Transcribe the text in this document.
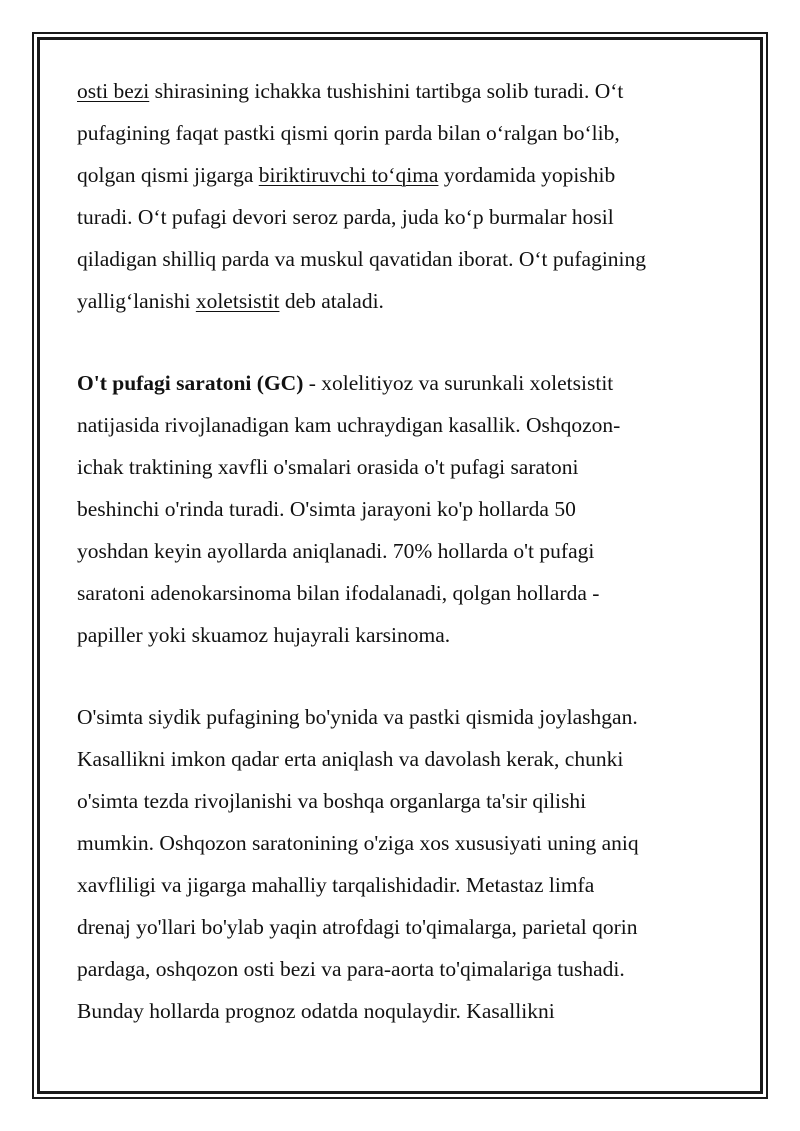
osti bezi shirasining ichakka tushishini tartibga solib turadi. O‘t
pufagining faqat pastki qismi qorin parda bilan o‘ralgan bo‘lib,
qolgan qismi jigarga biriktiruvchi to‘qima yordamida yopishib
turadi. O‘t pufagi devori seroz parda, juda ko‘p burmalar hosil
qiladigan shilliq parda va muskul qavatidan iborat. O‘t pufagining
yallig‘lanishi xoletsistit deb ataladi.
O't pufagi saratoni (GC) - xolelitiyoz va surunkali xoletsistit
natijasida rivojlanadigan kam uchraydigan kasallik. Oshqozon-
ichak traktining xavfli o'smalari orasida o't pufagi saratoni
beshinchi o'rinda turadi. O'simta jarayoni ko'p hollarda 50
yoshdan keyin ayollarda aniqlanadi. 70% hollarda o't pufagi
saratoni adenokarsinoma bilan ifodalanadi, qolgan hollarda -
papiller yoki skuamoz hujayrali karsinoma.
O'simta siydik pufagining bo'ynida va pastki qismida joylashgan.
Kasallikni imkon qadar erta aniqlash va davolash kerak, chunki
o'simta tezda rivojlanishi va boshqa organlarga ta'sir qilishi
mumkin. Oshqozon saratonining o'ziga xos xususiyati uning aniq
xavfliligi va jigarga mahalliy tarqalishidadir. Metastaz limfa
drenaj yo'llari bo'ylab yaqin atrofdagi to'qimalarga, parietal qorin
pardaga, oshqozon osti bezi va para-aorta to'qimalariga tushadi.
Bunday hollarda prognoz odatda noqulaydir. Kasallikni
